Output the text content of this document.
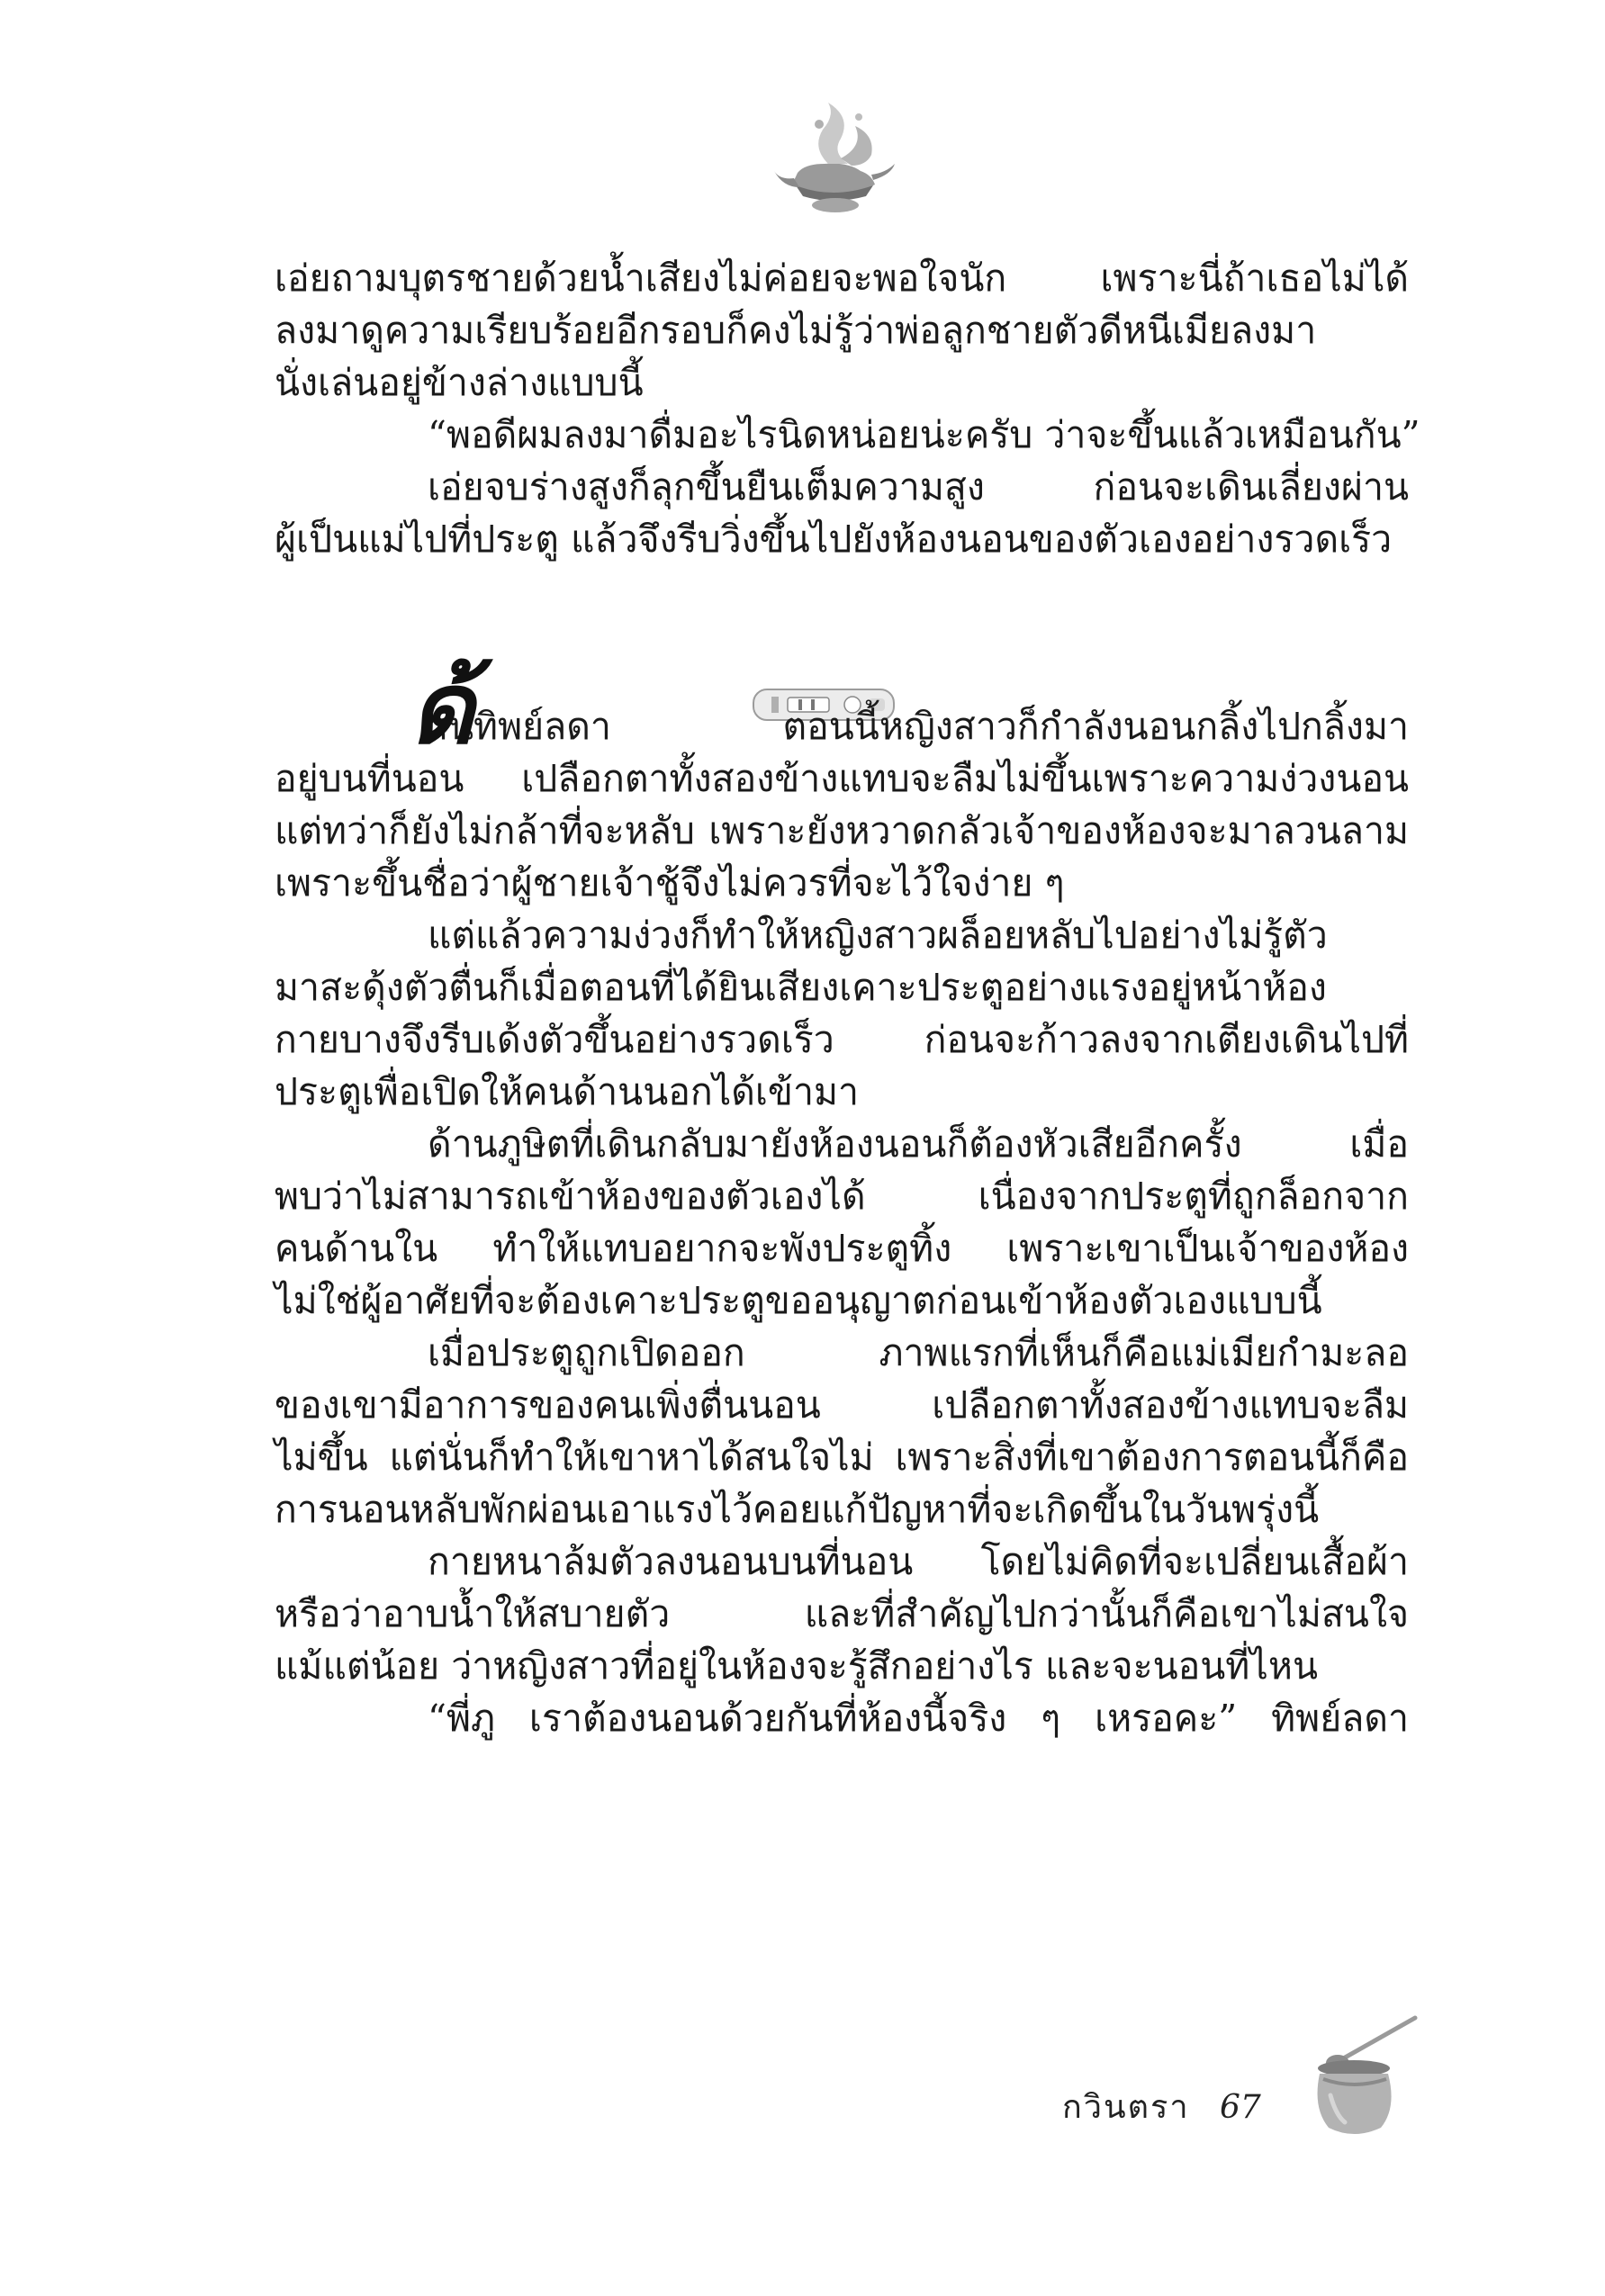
เอ่ยถามบุตรชายด้วยน้ำเสียงไม่ค่อยจะพอใจนัก เพราะนี่ถ้าเธอไม่ได้

ลงมาดูความเรียบร้อยอีกรอบก็คงไม่รู้ว่าพ่อลูกชายตัวดีหนีเมียลงมา

นั่งเล่นอยู่ข้างล่างแบบนี้

“พอดีผมลงมาดื่มอะไรนิดหน่อยน่ะครับ ว่าจะขึ้นแล้วเหมือนกัน”

เอ่ยจบร่างสูงก็ลุกขึ้นยืนเต็มความสูง ก่อนจะเดินเลี่ยงผ่าน

ผู้เป็นแม่ไปที่ประตู แล้วจึงรีบวิ่งขึ้นไปยังห้องนอนของตัวเองอย่างรวดเร็ว

ด้
านทิพย์ลดา ตอนนี้หญิงสาวก็กำลังนอนกลิ้งไปกลิ้งมา

อยู่บนที่นอน เปลือกตาทั้งสองข้างแทบจะลืมไม่ขึ้นเพราะความง่วงนอน

แต่ทว่าก็ยังไม่กล้าที่จะหลับ เพราะยังหวาดกลัวเจ้าของห้องจะมาลวนลาม

เพราะขึ้นชื่อว่าผู้ชายเจ้าชู้จึงไม่ควรที่จะไว้ใจง่าย ๆ

แต่แล้วความง่วงก็ทำให้หญิงสาวผล็อยหลับไปอย่างไม่รู้ตัว

มาสะดุ้งตัวตื่นก็เมื่อตอนที่ได้ยินเสียงเคาะประตูอย่างแรงอยู่หน้าห้อง

กายบางจึงรีบเด้งตัวขึ้นอย่างรวดเร็ว ก่อนจะก้าวลงจากเตียงเดินไปที่

ประตูเพื่อเปิดให้คนด้านนอกได้เข้ามา

ด้านภูษิตที่เดินกลับมายังห้องนอนก็ต้องหัวเสียอีกครั้ง เมื่อ

พบว่าไม่สามารถเข้าห้องของตัวเองได้ เนื่องจากประตูที่ถูกล็อกจาก

คนด้านใน ทำให้แทบอยากจะพังประตูทิ้ง เพราะเขาเป็นเจ้าของห้อง

ไม่ใช่ผู้อาศัยที่จะต้องเคาะประตูขออนุญาตก่อนเข้าห้องตัวเองแบบนี้

เมื่อประตูถูกเปิดออก ภาพแรกที่เห็นก็คือแม่เมียกำมะลอ

ของเขามีอาการของคนเพิ่งตื่นนอน เปลือกตาทั้งสองข้างแทบจะลืม

ไม่ขึ้น แต่นั่นก็ทำให้เขาหาได้สนใจไม่ เพราะสิ่งที่เขาต้องการตอนนี้ก็คือ

การนอนหลับพักผ่อนเอาแรงไว้คอยแก้ปัญหาที่จะเกิดขึ้นในวันพรุ่งนี้

กายหนาล้มตัวลงนอนบนที่นอน โดยไม่คิดที่จะเปลี่ยนเสื้อผ้า

หรือว่าอาบน้ำให้สบายตัว และที่สำคัญไปกว่านั้นก็คือเขาไม่สนใจ

แม้แต่น้อย ว่าหญิงสาวที่อยู่ในห้องจะรู้สึกอย่างไร และจะนอนที่ไหน

“พี่ภู เราต้องนอนด้วยกันที่ห้องนี้จริง ๆ เหรอคะ” ทิพย์ลดา

กวินตรา 67
